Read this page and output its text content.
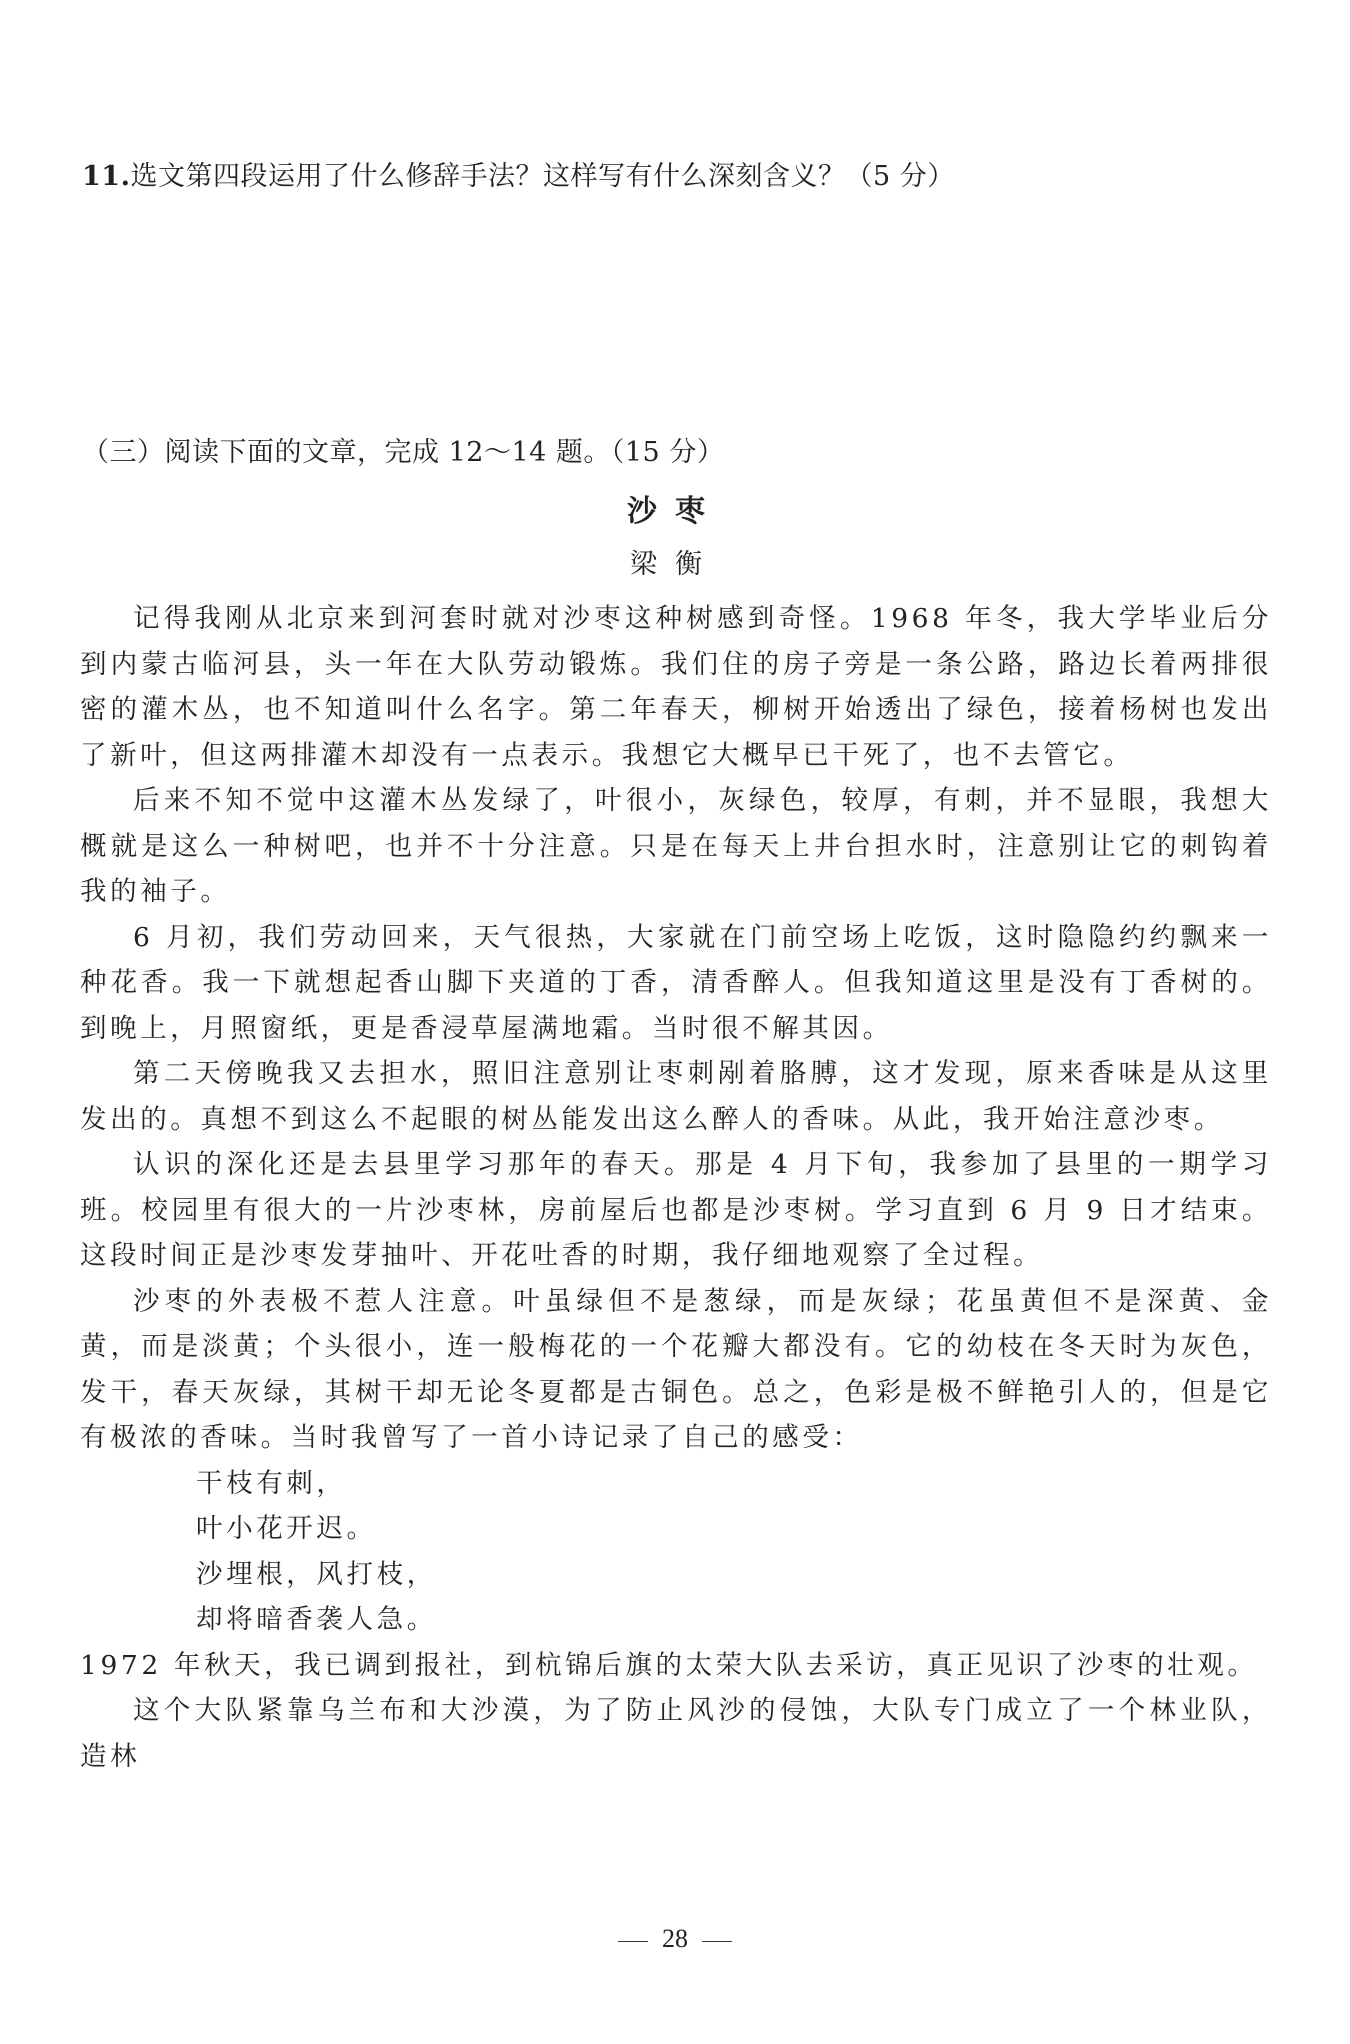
11.选文第四段运用了什么修辞手法？这样写有什么深刻含义？（5 分）
（三）阅读下面的文章，完成 12～14 题。（15 分）
沙枣
梁衡

记得我刚从北京来到河套时就对沙枣这种树感到奇怪。1968 年冬，我大学毕业后分到内蒙古临河县，头一年在大队劳动锻炼。我们住的房子旁是一条公路，路边长着两排很密的灌木丛，也不知道叫什么名字。第二年春天，柳树开始透出了绿色，接着杨树也发出了新叶，但这两排灌木却没有一点表示。我想它大概早已干死了，也不去管它。

后来不知不觉中这灌木丛发绿了，叶很小，灰绿色，较厚，有刺，并不显眼，我想大概就是这么一种树吧，也并不十分注意。只是在每天上井台担水时，注意别让它的刺钩着我的袖子。

6 月初，我们劳动回来，天气很热，大家就在门前空场上吃饭，这时隐隐约约飘来一种花香。我一下就想起香山脚下夹道的丁香，清香醉人。但我知道这里是没有丁香树的。到晚上，月照窗纸，更是香浸草屋满地霜。当时很不解其因。

第二天傍晚我又去担水，照旧注意别让枣刺剐着胳膊，这才发现，原来香味是从这里发出的。真想不到这么不起眼的树丛能发出这么醉人的香味。从此，我开始注意沙枣。

认识的深化还是去县里学习那年的春天。那是 4 月下旬，我参加了县里的一期学习班。校园里有很大的一片沙枣林，房前屋后也都是沙枣树。学习直到 6 月 9 日才结束。这段时间正是沙枣发芽抽叶、开花吐香的时期，我仔细地观察了全过程。

沙枣的外表极不惹人注意。叶虽绿但不是葱绿，而是灰绿；花虽黄但不是深黄、金黄，而是淡黄；个头很小，连一般梅花的一个花瓣大都没有。它的幼枝在冬天时为灰色，发干，春天灰绿，其树干却无论冬夏都是古铜色。总之，色彩是极不鲜艳引人的，但是它有极浓的香味。当时我曾写了一首小诗记录了自己的感受：

干枝有刺，
叶小花开迟。
沙埋根，风打枝，
却将暗香袭人急。

1972 年秋天，我已调到报社，到杭锦后旗的太荣大队去采访，真正见识了沙枣的壮观。

这个大队紧靠乌兰布和大沙漠，为了防止风沙的侵蚀，大队专门成立了一个林业队，造林

28
